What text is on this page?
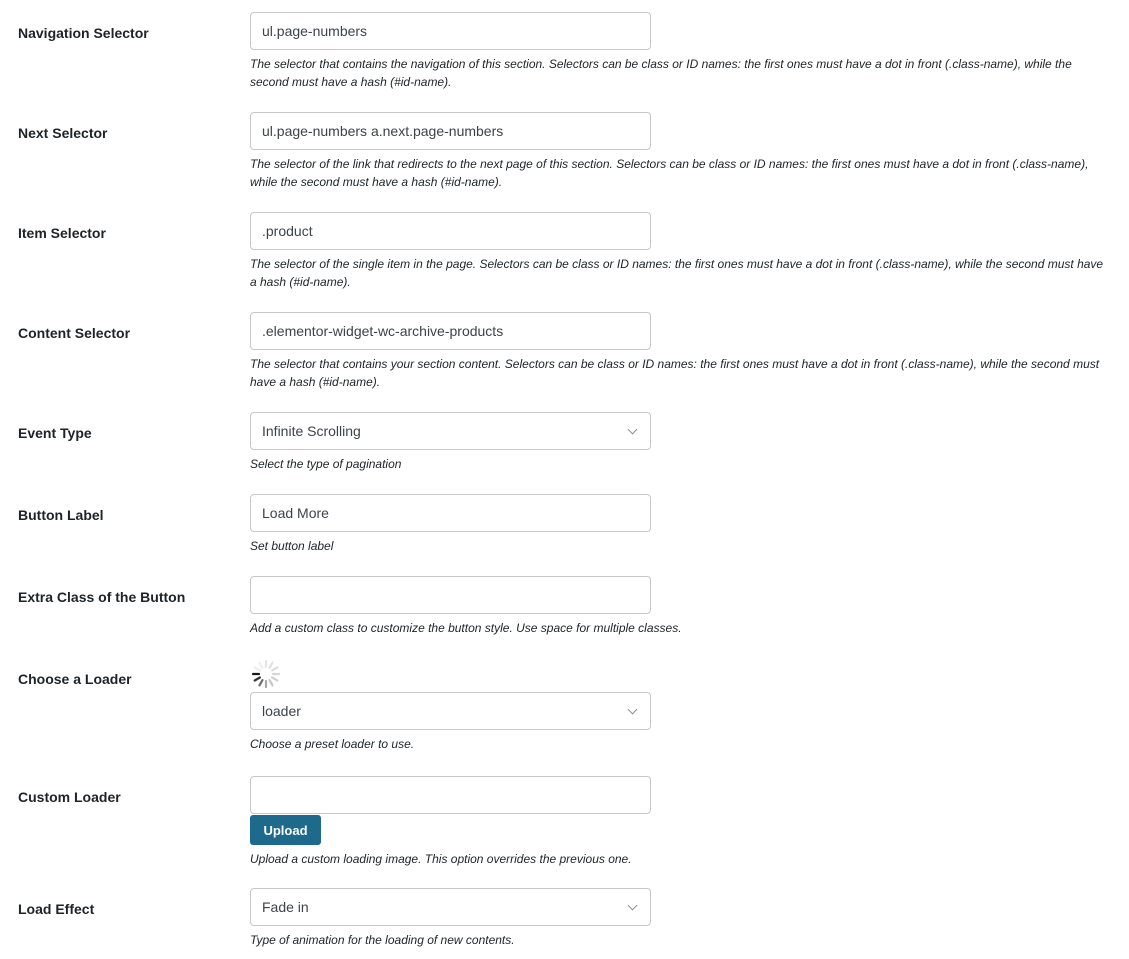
Navigation Selector
ul.page-numbers

The selector that contains the navigation of this section. Selectors can be class or ID names: the first ones must have a dot in front (.class-name), while the second must have a hash (#id-name).

Next Selector
ul.page-numbers a.next.page-numbers

The selector of the link that redirects to the next page of this section. Selectors can be class or ID names: the first ones must have a dot in front (.class-name), while the second must have a hash (#id-name).

Item Selector
.product

The selector of the single item in the page. Selectors can be class or ID names: the first ones must have a dot in front (.class-name), while the second must have a hash (#id-name).

Content Selector
.elementor-widget-wc-archive-products

The selector that contains your section content. Selectors can be class or ID names: the first ones must have a dot in front (.class-name), while the second must have a hash (#id-name).

Event Type	Infinite Scrolling

Select the type of pagination

Button Label
Load More

Set button label

Extra Class of the Button

Add a custom class to customize the button style. Use space for multiple classes.

Choose a Loader
loader

Choose a preset loader to use.

Custom Loader
Upload

Upload a custom loading image. This option overrides the previous one.

Load Effect	Fade in

Type of animation for the loading of new contents.
